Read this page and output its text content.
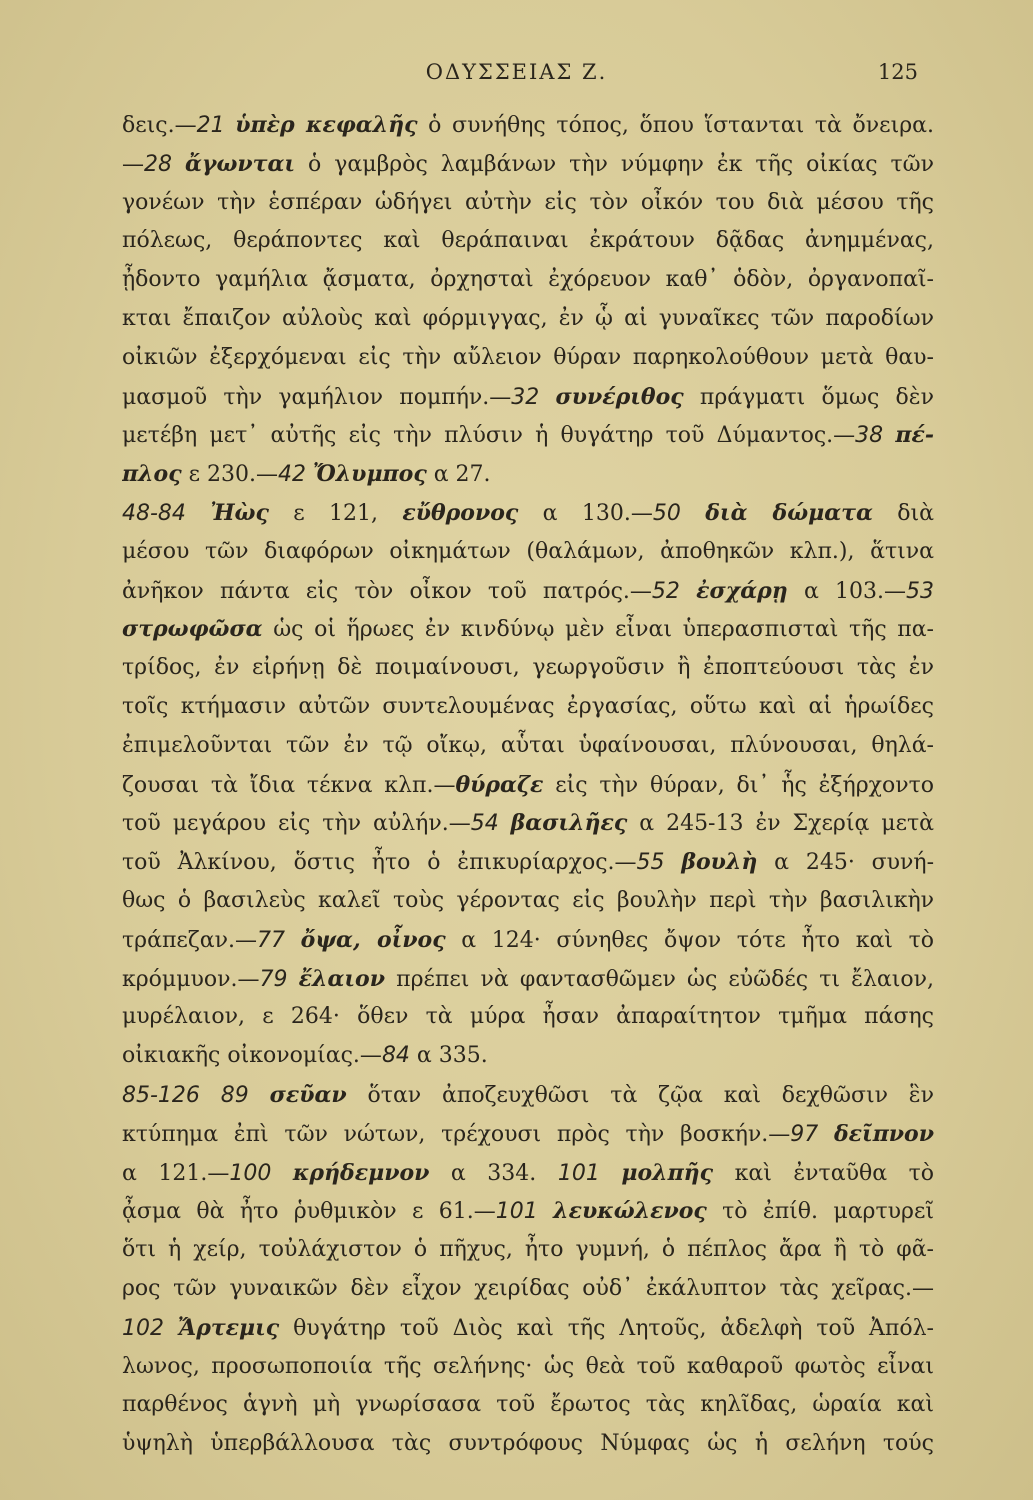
ΟΔΥΣΣΕΙΑΣ Ζ.	125
δεις.—21 ὑπὲρ κεφαλῆς ὁ συνήθης τόπος, ὅπου ἵστανται τὰ ὄνειρα.
—28 ἄγωνται ὁ γαμβρὸς λαμβάνων τὴν νύμφην ἐκ τῆς οἰκίας τῶν
γονέων τὴν ἑσπέραν ὡδήγει αὐτὴν εἰς τὸν οἶκόν του διὰ μέσου τῆς
πόλεως, θεράποντες καὶ θεράπαιναι ἐκράτουν δᾷδας ἀνημμένας,
ᾖδοντο γαμήλια ᾄσματα, ὀρχησταὶ ἐχόρευον καθ᾽ ὁδὸν, ὀργανοπαῖ-
κται ἔπαιζον αὐλοὺς καὶ φόρμιγγας, ἐν ᾧ αἱ γυναῖκες τῶν παροδίων
οἰκιῶν ἐξερχόμεναι εἰς τὴν αὔλειον θύραν παρηκολούθουν μετὰ θαυ-
μασμοῦ τὴν γαμήλιον πομπήν.—32 συνέριθος πράγματι ὅμως δὲν
μετέβη μετ᾽ αὐτῆς εἰς τὴν πλύσιν ἡ θυγάτηρ τοῦ Δύμαντος.—38 πέ-
πλος ε 230.—42 Ὄλυμπος α 27.
48-84 Ἠὼς ε 121, εὔθρονος α 130.—50 διὰ δώματα διὰ
μέσου τῶν διαφόρων οἰκημάτων (θαλάμων, ἀποθηκῶν κλπ.), ἅτινα
ἀνῆκον πάντα εἰς τὸν οἶκον τοῦ πατρός.—52 ἐσχάρῃ α 103.—53
στρωφῶσα ὡς οἱ ἥρωες ἐν κινδύνῳ μὲν εἶναι ὑπερασπισταὶ τῆς πα-
τρίδος, ἐν εἰρήνῃ δὲ ποιμαίνουσι, γεωργοῦσιν ἢ ἐποπτεύουσι τὰς ἐν
τοῖς κτήμασιν αὐτῶν συντελουμένας ἐργασίας, οὕτω καὶ αἱ ἡρωίδες
ἐπιμελοῦνται τῶν ἐν τῷ οἴκῳ, αὗται ὑφαίνουσαι, πλύνουσαι, θηλά-
ζουσαι τὰ ἴδια τέκνα κλπ.—θύραζε εἰς τὴν θύραν, δι᾽ ἧς ἐξήρχοντο
τοῦ μεγάρου εἰς τὴν αὐλήν.—54 βασιλῆες α 245-13 ἐν Σχερίᾳ μετὰ
τοῦ Ἀλκίνου, ὅστις ἦτο ὁ ἐπικυρίαρχος.—55 βουλὴ α 245· συνή-
θως ὁ βασιλεὺς καλεῖ τοὺς γέροντας εἰς βουλὴν περὶ τὴν βασιλικὴν
τράπεζαν.—77 ὄψα, οἶνος α 124· σύνηθες ὄψον τότε ἦτο καὶ τὸ
κρόμμυον.—79 ἔλαιον πρέπει νὰ φαντασθῶμεν ὡς εὐῶδές τι ἔλαιον,
μυρέλαιον, ε 264· ὅθεν τὰ μύρα ἦσαν ἀπαραίτητον τμῆμα πάσης
οἰκιακῆς οἰκονομίας.—84 α 335.
85-126 89 σεῦαν ὅταν ἀποζευχθῶσι τὰ ζῷα καὶ δεχθῶσιν ἓν
κτύπημα ἐπὶ τῶν νώτων, τρέχουσι πρὸς τὴν βοσκήν.—97 δεῖπνον
α 121.—100 κρήδεμνον α 334. 101 μολπῆς καὶ ἐνταῦθα τὸ
ᾆσμα θὰ ἦτο ῥυθμικὸν ε 61.—101 λευκώλενος τὸ ἐπίθ. μαρτυρεῖ
ὅτι ἡ χείρ, τοὐλάχιστον ὁ πῆχυς, ἦτο γυμνή, ὁ πέπλος ἄρα ἢ τὸ φᾶ-
ρος τῶν γυναικῶν δὲν εἶχον χειρίδας οὐδ᾽ ἐκάλυπτον τὰς χεῖρας.—
102 Ἄρτεμις θυγάτηρ τοῦ Διὸς καὶ τῆς Λητοῦς, ἀδελφὴ τοῦ Ἀπόλ-
λωνος, προσωποποιία τῆς σελήνης· ὡς θεὰ τοῦ καθαροῦ φωτὸς εἶναι
παρθένος ἁγνὴ μὴ γνωρίσασα τοῦ ἔρωτος τὰς κηλῖδας, ὡραία καὶ
ὑψηλὴ ὑπερβάλλουσα τὰς συντρόφους Νύμφας ὡς ἡ σελήνη τούς
